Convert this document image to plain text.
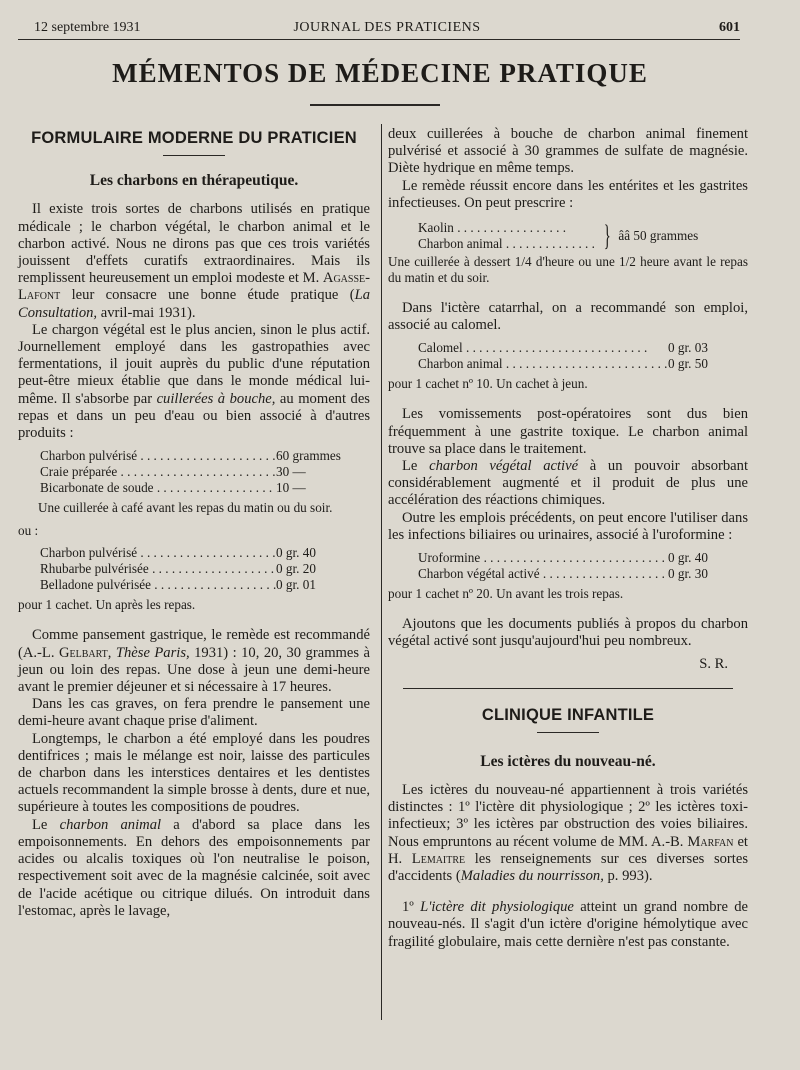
12 septembre 1931	JOURNAL DES PRATICIENS	601
MÉMENTOS DE MÉDECINE PRATIQUE
FORMULAIRE MODERNE DU PRATICIEN
Les charbons en thérapeutique.

Il existe trois sortes de charbons utilisés en pratique médicale ; le charbon végétal, le charbon animal et le charbon activé. Nous ne dirons pas que ces trois variétés jouissent d'effets curatifs extraordinaires. Mais ils remplissent heureusement un emploi modeste et M. Agasse-Lafont leur consacre une bonne étude pratique (La Consultation, avril-mai 1931).

Le chargon végétal est le plus ancien, sinon le plus actif. Journellement employé dans les gastropathies avec fermentations, il jouit auprès du public d'une réputation peut-être mieux établie que dans le monde médical lui-même. Il s'absorbe par cuillerées à bouche, au moment des repas et dans un peu d'eau ou bien associé à d'autres produits :

Charbon pulvérisé . . .	60 grammes
Craie préparée . . .	30 —
Bicarbonate de soude . . .	10 —
Une cuillerée à café avant les repas du matin ou du soir.
ou :
Charbon pulvérisé . . .	0 gr. 40
Rhubarbe pulvérisée . . .	0 gr. 20
Belladone pulvérisée . . .	0 gr. 01
pour 1 cachet. Un après les repas.

Comme pansement gastrique, le remède est recommandé (A.-L. Gelbart, Thèse Paris, 1931) : 10, 20, 30 grammes à jeun ou loin des repas. Une dose à jeun une demi-heure avant le premier déjeuner et si nécessaire à 17 heures.

Dans les cas graves, on fera prendre le pansement une demi-heure avant chaque prise d'aliment.

Longtemps, le charbon a été employé dans les poudres dentifrices ; mais le mélange est noir, laisse des particules de charbon dans les interstices dentaires et les dentistes actuels recommandent la simple brosse à dents, dure et nue, supérieure à toutes les compositions de poudres.

Le charbon animal a d'abord sa place dans les empoisonnements. En dehors des empoisonnements par acides ou alcalis toxiques où l'on neutralise le poison, respectivement soit avec de la magnésie calcinée, soit avec de l'acide acétique ou citrique dilués. On introduit dans l'estomac, après le lavage,

deux cuillerées à bouche de charbon animal finement pulvérisé et associé à 30 grammes de sulfate de magnésie. Diète hydrique en même temps.

Le remède réussit encore dans les entérites et les gastrites infectieuses. On peut prescrire :

Kaolin . . .
Charbon animal . . .	} ââ 50 grammes
Une cuillerée à dessert 1/4 d'heure ou une 1/2 heure avant le repas du matin et du soir.

Dans l'ictère catarrhal, on a recommandé son emploi, associé au calomel.

Calomel . . .	0 gr. 03
Charbon animal . . .	0 gr. 50
pour 1 cachet nº 10. Un cachet à jeun.

Les vomissements post-opératoires sont dus bien fréquemment à une gastrite toxique. Le charbon animal trouve sa place dans le traitement.

Le charbon végétal activé à un pouvoir absorbant considérablement augmenté et il produit de plus une accélération des réactions chimiques.

Outre les emplois précédents, on peut encore l'utiliser dans les infections biliaires ou urinaires, associé à l'uroformine :

Uroformine . . .	0 gr. 40
Charbon végétal activé . . .	0 gr. 30
pour 1 cachet nº 20. Un avant les trois repas.

Ajoutons que les documents publiés à propos du charbon végétal activé sont jusqu'aujourd'hui peu nombreux.

S. R.
CLINIQUE INFANTILE
Les ictères du nouveau-né.

Les ictères du nouveau-né appartiennent à trois variétés distinctes : 1º l'ictère dit physiologique ; 2º les ictères toxi-infectieux; 3º les ictères par obstruction des voies biliaires. Nous empruntons au récent volume de MM. A.-B. Marfan et H. Lemaitre les renseignements sur ces diverses sortes d'accidents (Maladies du nourrisson, p. 993).

1º L'ictère dit physiologique atteint un grand nombre de nouveau-nés. Il s'agit d'un ictère d'origine hémolytique avec fragilité globulaire, mais cette dernière n'est pas constante.
